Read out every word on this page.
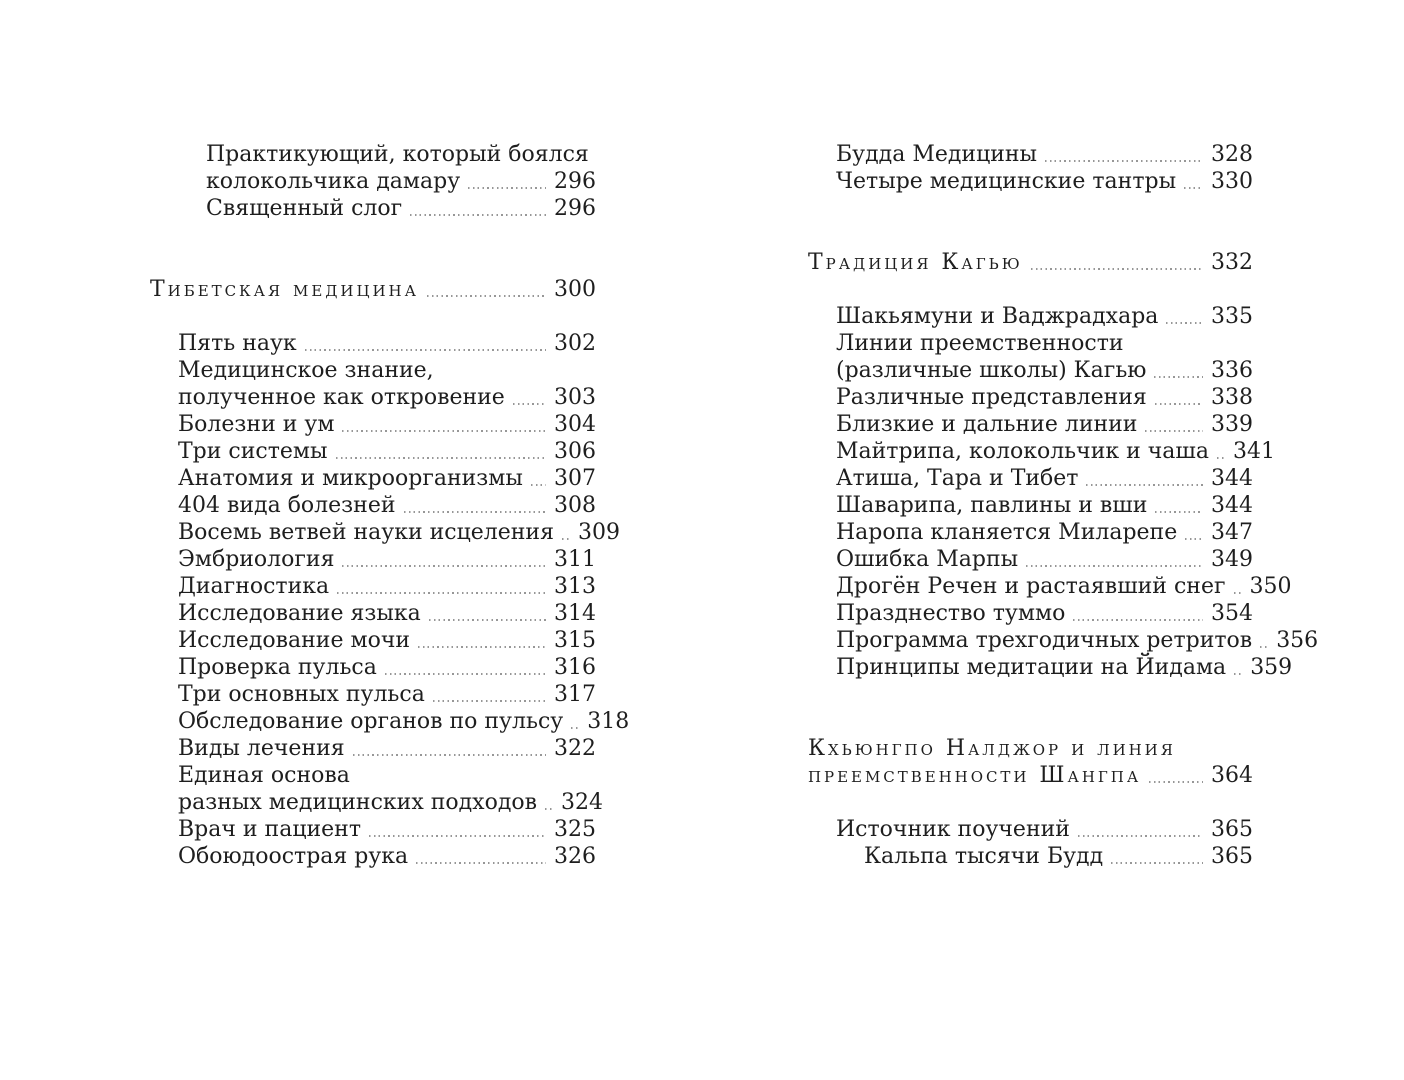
Практикующий, который боялся
колокольчика дамару	296
Священный слог	296
Тибетская медицина	300
Пять наук	302
Медицинское знание,
полученное как откровение 303
Болезни и ум	304
Три системы	306
Анатомия и микроорганизмы 307
404 вида болезней	308
Восемь ветвей науки исцеления 309
Эмбриология	311
Диагностика	313
Исследование языка	314
Исследование мочи	315
Проверка пульса	316
Три основных пульса	317
Обследование органов по пульсу 318
Виды лечения	322
Единая основа
разных медицинских подходов 324
Врач и пациент	325
Обоюдоострая рука	326
Будда Медицины	328
Четыре медицинские тантры 330
Традиция Кагью	332
Шакьямуни и Ваджрадхара 335
Линии преемственности
(различные школы) Кагью	336
Различные представления	338
Близкие и дальние линии	339
Майтрипа, колокольчик и чаша 341
Атиша, Тара и Тибет	344
Шаварипа, павлины и вши	344
Наропа кланяется Миларепе 347
Ошибка Марпы	349
Дрогён Речен и растаявший снег 350
Празднество туммо	354
Программа трехгодичных ретритов 356
Принципы медитации на Йидама 359
Кхьюнгпо Налджор и линия
преемственности Шангпа	364
Источник поучений	365
Кальпа тысячи Будд	365
